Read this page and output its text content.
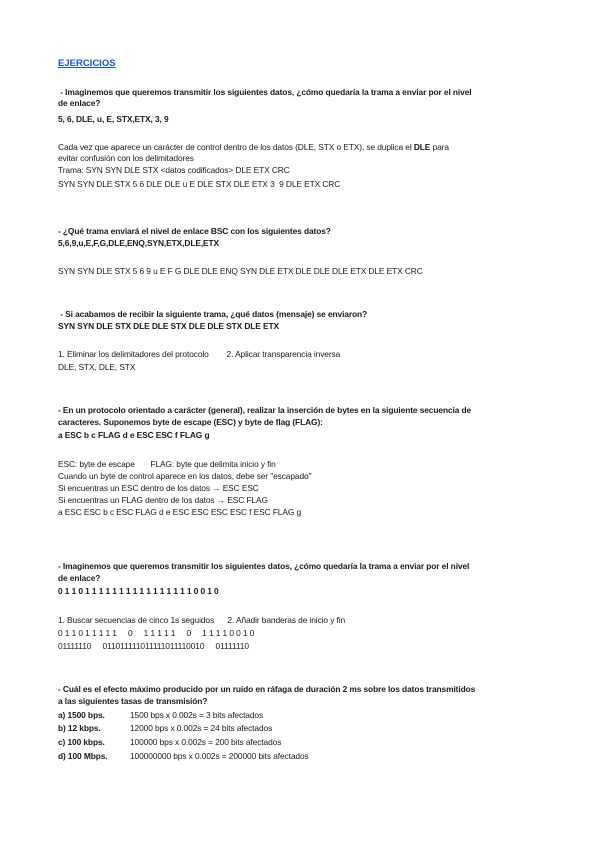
EJERCICIOS
- Imaginemos que queremos transmitir los siguientes datos, ¿cómo quedaría la trama a enviar por el nivel
de enlace?
5, 6, DLE, u, E, STX,ETX, 3, 9
Cada vez que aparece un carácter de control dentro de los datos (DLE, STX o ETX), se duplica el DLE para
evitar confusión con los delimitadores
Trama: SYN SYN DLE STX <datos codificados> DLE ETX CRC
SYN SYN DLE STX 5 6 DLE DLE u E DLE STX DLE ETX 3  9 DLE ETX CRC
- ¿Qué trama enviará el nivel de enlace BSC con los siguientes datos?
5,6,9,u,E,F,G,DLE,ENQ,SYN,ETX,DLE,ETX
SYN SYN DLE STX 5 6 9 u E F G DLE DLE ENQ SYN DLE ETX DLE DLE DLE ETX DLE ETX CRC
- Si acabamos de recibir la siguiente trama, ¿qué datos (mensaje) se enviaron?
SYN SYN DLE STX DLE DLE STX DLE DLE STX DLE ETX
1. Eliminar los delimitadores del protocolo        2. Aplicar transparencia inversa
DLE, STX, DLE, STX
- En un protocolo orientado a carácter (general), realizar la inserción de bytes en la siguiente secuencia de
caracteres. Suponemos byte de escape (ESC) y byte de flag (FLAG):
a ESC b c FLAG d e ESC ESC f FLAG g
ESC: byte de escape       FLAG: byte que delimita inicio y fin
Cuando un byte de control aparece en los datos, debe ser "escapado"
Si encuentras un ESC dentro de los datos → ESC ESC
Si encuentras un FLAG dentro de los datos → ESC FLAG
a ESC ESC b c ESC FLAG d e ESC ESC ESC ESC f ESC FLAG g
- Imaginemos que queremos transmitir los siguientes datos, ¿cómo quedaría la trama a enviar por el nivel
de enlace?
0 1 1 0 1 1 1 1 1 1 1 1 1 1 1 1 1 1 1 1 0 0 1 0
1. Buscar secuencias de cinco 1s seguidos      2. Añadir banderas de inicio y fin
0 1 1 0 1 1 1 1 1     0     1 1 1 1 1     0     1 1 1 1 0 0 1 0
01111110     011011111011111011110010     01111110
- Cuál es el efecto máximo producido por un ruido en ráfaga de duración 2 ms sobre los datos transmitidos
a las siguientes tasas de transmisión?
a) 1500 bps.	1500 bps x 0.002s = 3 bits afectados
b) 12 kbps.	12000 bps x 0.002s = 24 bits afectados
c) 100 kbps.	100000 bps x 0.002s = 200 bits afectados
d) 100 Mbps.	100000000 bps x 0.002s = 200000 bits afectados
